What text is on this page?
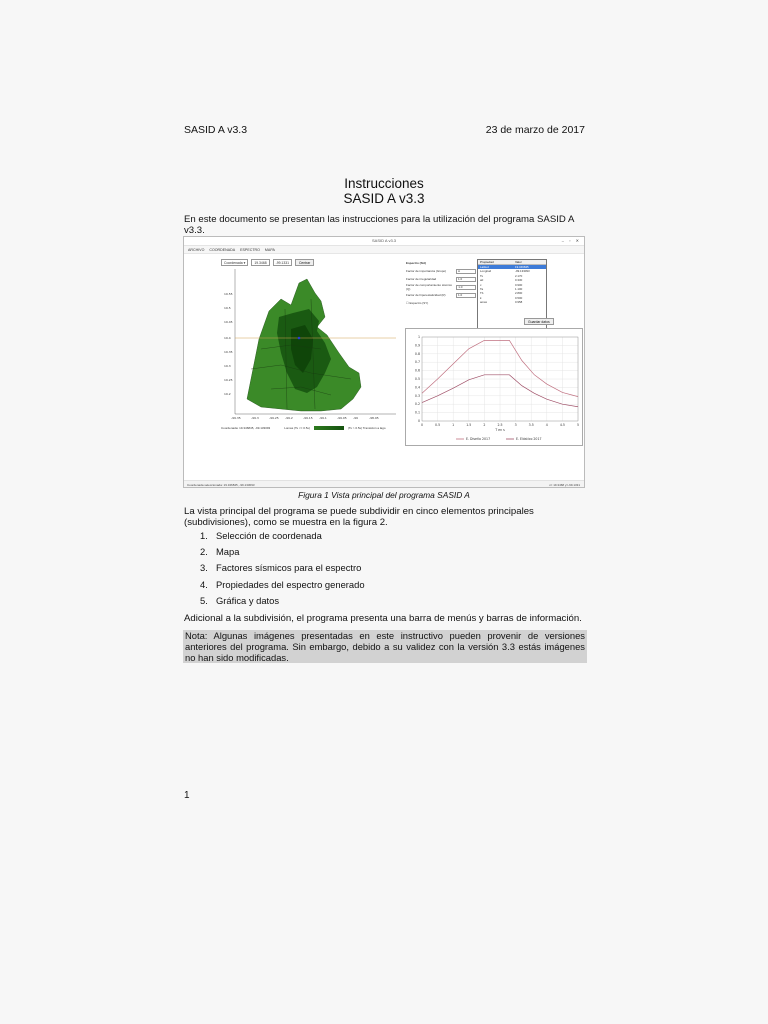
SASID A v3.3	23 de marzo de 2017
Instrucciones
SASID A v3.3
En este documento se presentan las instrucciones para la utilización del programa SASID A v3.3.
SASID A v3.3	– ▫ ✕
ARCHIVO COORDENADA ESPECTRO MAPA
Coordenada ▾	19.3468	-99.1331	Centrar
19.55
19.5
19.45
19.4
19.35
19.3
19.25
19.2
-99.35	-99.3	-99.25 -99.2	-99.15 -99.1	-99.05 -99	-98.95
Coordenada: 19.346845, -99.133093	Lomas (Ts <= 0.5s)	(Ts > 0.5s) Transición a lago
Espectro (SH)
Factor de importancia (Grupo)	A
Factor de irregularidad	1.0
Factor de comportamiento sísmico (Q)	1.0
Factor de hiperestaticidad (R)	1.0
☐ Espectro (SY)
Propiedad	Valor
Latitud	19.346845
Longitud	-99.133093
Ts	2.170
a0	0.330
c	0.900
Ta	1.100
Tb	2.800
k	0.500
amax	0.958
Guardar datos
0
0.1
0.2
0.3
0.4
0.5
0.6
0.7
0.8
0.9
1
0	0.5	1	1.5	2	2.5	3	3.5	4	4.5	5
T en s
E. Diseño 2017	E. Elástico 2017
Coordenada seleccionada: 19.346845, -99.133093	x= 19.3468 y=-99.1331
Figura 1 Vista principal del programa SASID A
La vista principal del programa se puede subdividir en cinco elementos principales (subdivisiones), como se muestra en la figura 2.
1. Selección de coordenada
2. Mapa
3. Factores sísmicos para el espectro
4. Propiedades del espectro generado
5. Gráfica y datos
Adicional a la subdivisión, el programa presenta una barra de menús y barras de información.
Nota: Algunas imágenes presentadas en este instructivo pueden provenir de versiones anteriores del programa. Sin embargo, debido a su validez con la versión 3.3 estás imágenes no han sido modificadas.
1
